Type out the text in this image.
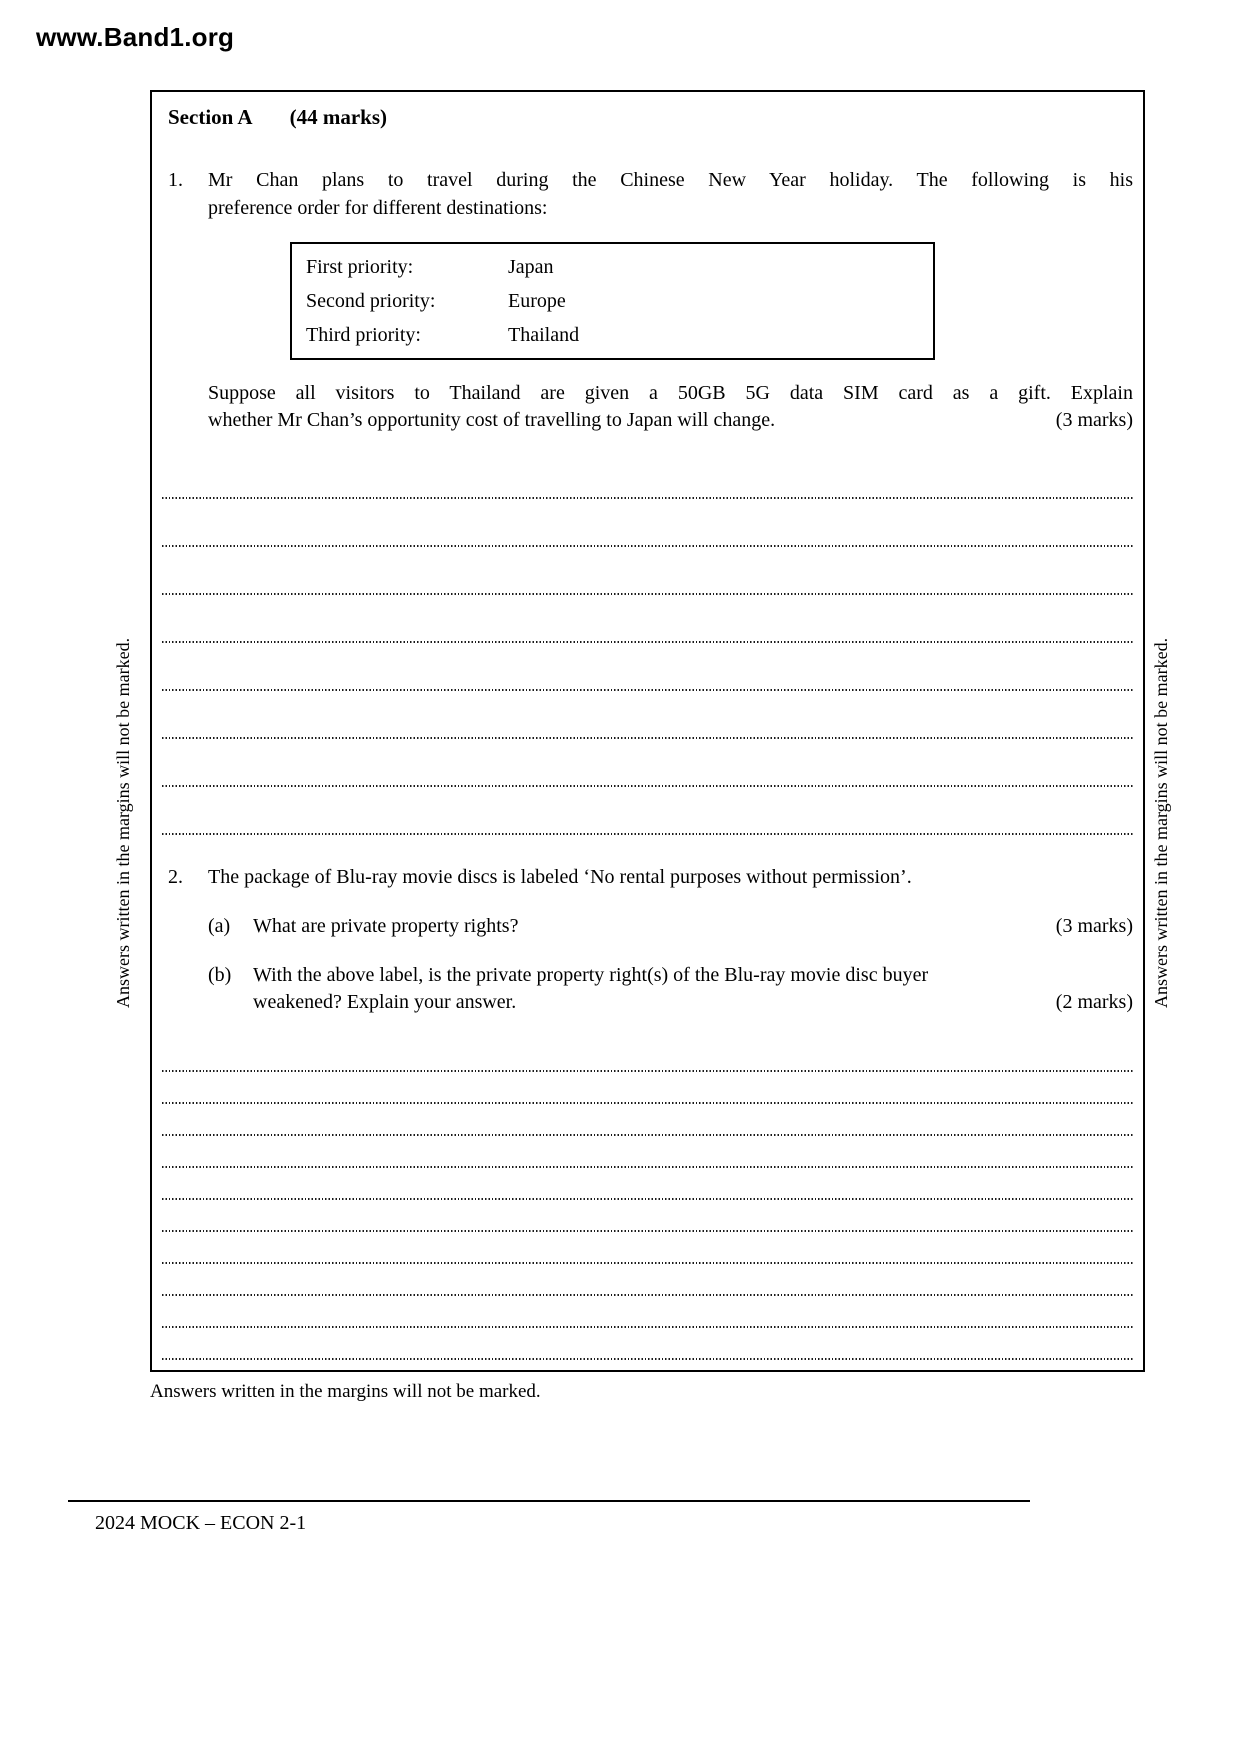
www.Band1.org
Answers written in the margins will not be marked.	Answers written in the margins will not be marked.
Section A (44 marks)
1.	Mr Chan plans to travel during the Chinese New Year holiday. The following is his
preference order for different destinations:
First priority:	Japan
Second priority:	Europe
Third priority:	Thailand
Suppose all visitors to Thailand are given a 50GB 5G data SIM card as a gift. Explain
(3 marks)
whether Mr Chan’s opportunity cost of travelling to Japan will change.
2.	The package of Blu-ray movie discs is labeled ‘No rental purposes without permission’.
(a)	What are private property rights?	(3 marks)
(b)	With the above label, is the private property right(s) of the Blu-ray movie disc buyer
(2 marks)
weakened? Explain your answer.
Answers written in the margins will not be marked.
2024 MOCK – ECON 2-1
